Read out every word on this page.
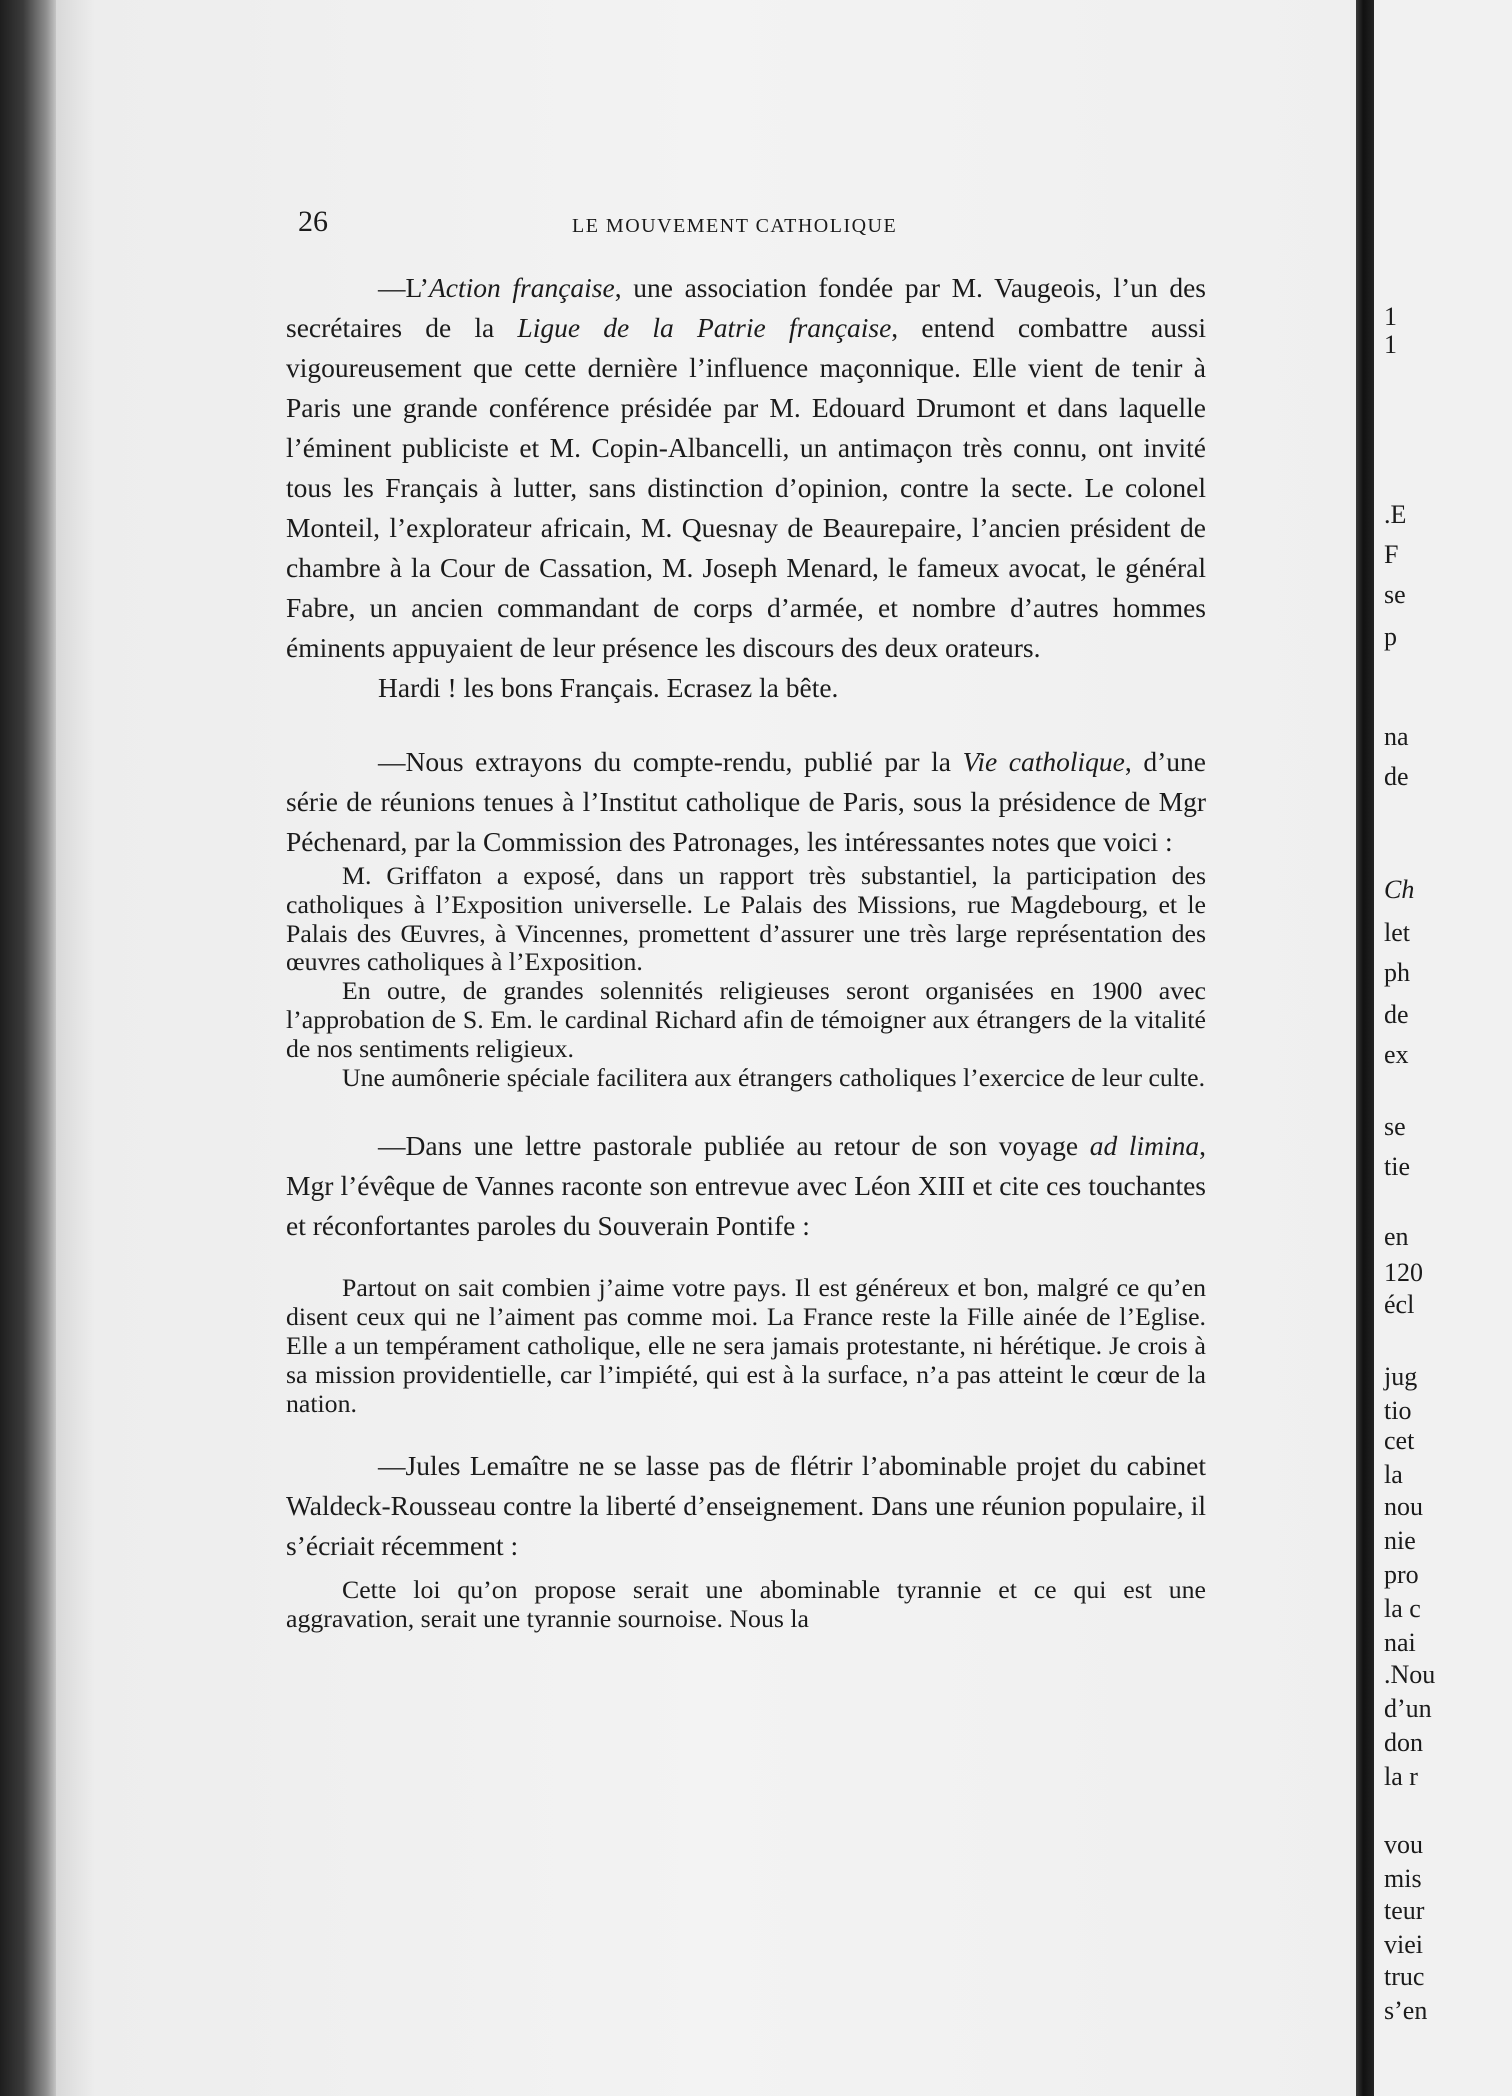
26	LE MOUVEMENT CATHOLIQUE

—L’Action française, une association fondée par M. Vaugeois, l’un des secrétaires de la Ligue de la Patrie française, entend combattre aussi vigoureusement que cette dernière l’influence maçonnique. Elle vient de tenir à Paris une grande conférence présidée par M. Edouard Drumont et dans laquelle l’éminent publiciste et M. Copin-Albancelli, un antimaçon très connu, ont invité tous les Français à lutter, sans distinction d’opinion, contre la secte. Le colonel Monteil, l’explorateur africain, M. Quesnay de Beaurepaire, l’ancien président de chambre à la Cour de Cassation, M. Joseph Menard, le fameux avocat, le général Fabre, un ancien commandant de corps d’armée, et nombre d’autres hommes éminents appuyaient de leur présence les discours des deux orateurs.

Hardi ! les bons Français. Ecrasez la bête.

—Nous extrayons du compte-rendu, publié par la Vie catholique, d’une série de réunions tenues à l’Institut catholique de Paris, sous la présidence de Mgr Péchenard, par la Commission des Patronages, les intéressantes notes que voici :

M. Griffaton a exposé, dans un rapport très substantiel, la participation des catholiques à l’Exposition universelle. Le Palais des Missions, rue Magdebourg, et le Palais des Œuvres, à Vincennes, promettent d’assurer une très large représentation des œuvres catholiques à l’Exposition.

En outre, de grandes solennités religieuses seront organisées en 1900 avec l’approbation de S. Em. le cardinal Richard afin de témoigner aux étrangers de la vitalité de nos sentiments religieux.

Une aumônerie spéciale facilitera aux étrangers catholiques l’exercice de leur culte.

—Dans une lettre pastorale publiée au retour de son voyage ad limina, Mgr l’évêque de Vannes raconte son entrevue avec Léon XIII et cite ces touchantes et réconfortantes paroles du Souverain Pontife :

Partout on sait combien j’aime votre pays. Il est généreux et bon, malgré ce qu’en disent ceux qui ne l’aiment pas comme moi. La France reste la Fille ainée de l’Eglise. Elle a un tempérament catholique, elle ne sera jamais protestante, ni hérétique. Je crois à sa mission providentielle, car l’impiété, qui est à la surface, n’a pas atteint le cœur de la nation.

—Jules Lemaître ne se lasse pas de flétrir l’abominable projet du cabinet Waldeck-Rousseau contre la liberté d’enseignement. Dans une réunion populaire, il s’écriait récemment :

Cette loi qu’on propose serait une abominable tyrannie et ce qui est une aggravation, serait une tyrannie sournoise. Nous la

1
1
.E
F
se
p
na
de
Ch
let
ph
de
ex
se
tie
en
120
écl
jug
tio
cet
la
nou
nie
pro
la c
nai
.Nou
d’un
don
la r
vou
mis
teur
viei
truc
s’en
